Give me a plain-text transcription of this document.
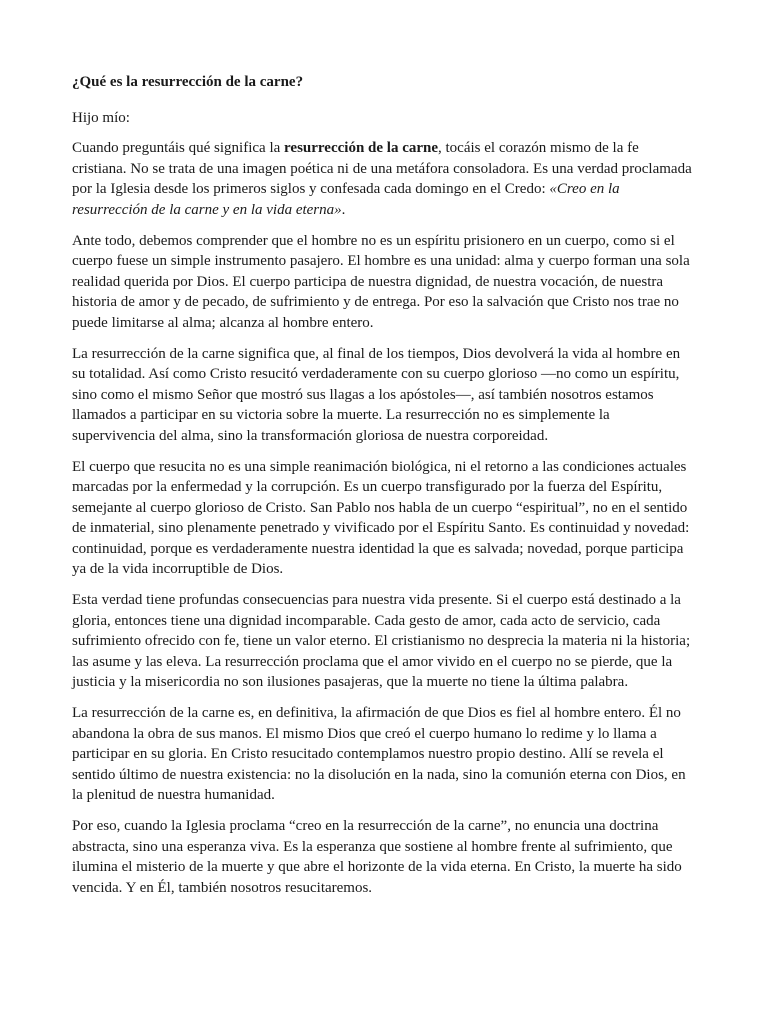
¿Qué es la resurrección de la carne?

Hijo mío:

Cuando preguntáis qué significa la resurrección de la carne, tocáis el corazón mismo de la fe cristiana. No se trata de una imagen poética ni de una metáfora consoladora. Es una verdad proclamada por la Iglesia desde los primeros siglos y confesada cada domingo en el Credo: «Creo en la resurrección de la carne y en la vida eterna».

Ante todo, debemos comprender que el hombre no es un espíritu prisionero en un cuerpo, como si el cuerpo fuese un simple instrumento pasajero. El hombre es una unidad: alma y cuerpo forman una sola realidad querida por Dios. El cuerpo participa de nuestra dignidad, de nuestra vocación, de nuestra historia de amor y de pecado, de sufrimiento y de entrega. Por eso la salvación que Cristo nos trae no puede limitarse al alma; alcanza al hombre entero.

La resurrección de la carne significa que, al final de los tiempos, Dios devolverá la vida al hombre en su totalidad. Así como Cristo resucitó verdaderamente con su cuerpo glorioso —no como un espíritu, sino como el mismo Señor que mostró sus llagas a los apóstoles—, así también nosotros estamos llamados a participar en su victoria sobre la muerte. La resurrección no es simplemente la supervivencia del alma, sino la transformación gloriosa de nuestra corporeidad.

El cuerpo que resucita no es una simple reanimación biológica, ni el retorno a las condiciones actuales marcadas por la enfermedad y la corrupción. Es un cuerpo transfigurado por la fuerza del Espíritu, semejante al cuerpo glorioso de Cristo. San Pablo nos habla de un cuerpo “espiritual”, no en el sentido de inmaterial, sino plenamente penetrado y vivificado por el Espíritu Santo. Es continuidad y novedad: continuidad, porque es verdaderamente nuestra identidad la que es salvada; novedad, porque participa ya de la vida incorruptible de Dios.

Esta verdad tiene profundas consecuencias para nuestra vida presente. Si el cuerpo está destinado a la gloria, entonces tiene una dignidad incomparable. Cada gesto de amor, cada acto de servicio, cada sufrimiento ofrecido con fe, tiene un valor eterno. El cristianismo no desprecia la materia ni la historia; las asume y las eleva. La resurrección proclama que el amor vivido en el cuerpo no se pierde, que la justicia y la misericordia no son ilusiones pasajeras, que la muerte no tiene la última palabra.

La resurrección de la carne es, en definitiva, la afirmación de que Dios es fiel al hombre entero. Él no abandona la obra de sus manos. El mismo Dios que creó el cuerpo humano lo redime y lo llama a participar en su gloria. En Cristo resucitado contemplamos nuestro propio destino. Allí se revela el sentido último de nuestra existencia: no la disolución en la nada, sino la comunión eterna con Dios, en la plenitud de nuestra humanidad.

Por eso, cuando la Iglesia proclama “creo en la resurrección de la carne”, no enuncia una doctrina abstracta, sino una esperanza viva. Es la esperanza que sostiene al hombre frente al sufrimiento, que ilumina el misterio de la muerte y que abre el horizonte de la vida eterna. En Cristo, la muerte ha sido vencida. Y en Él, también nosotros resucitaremos.
